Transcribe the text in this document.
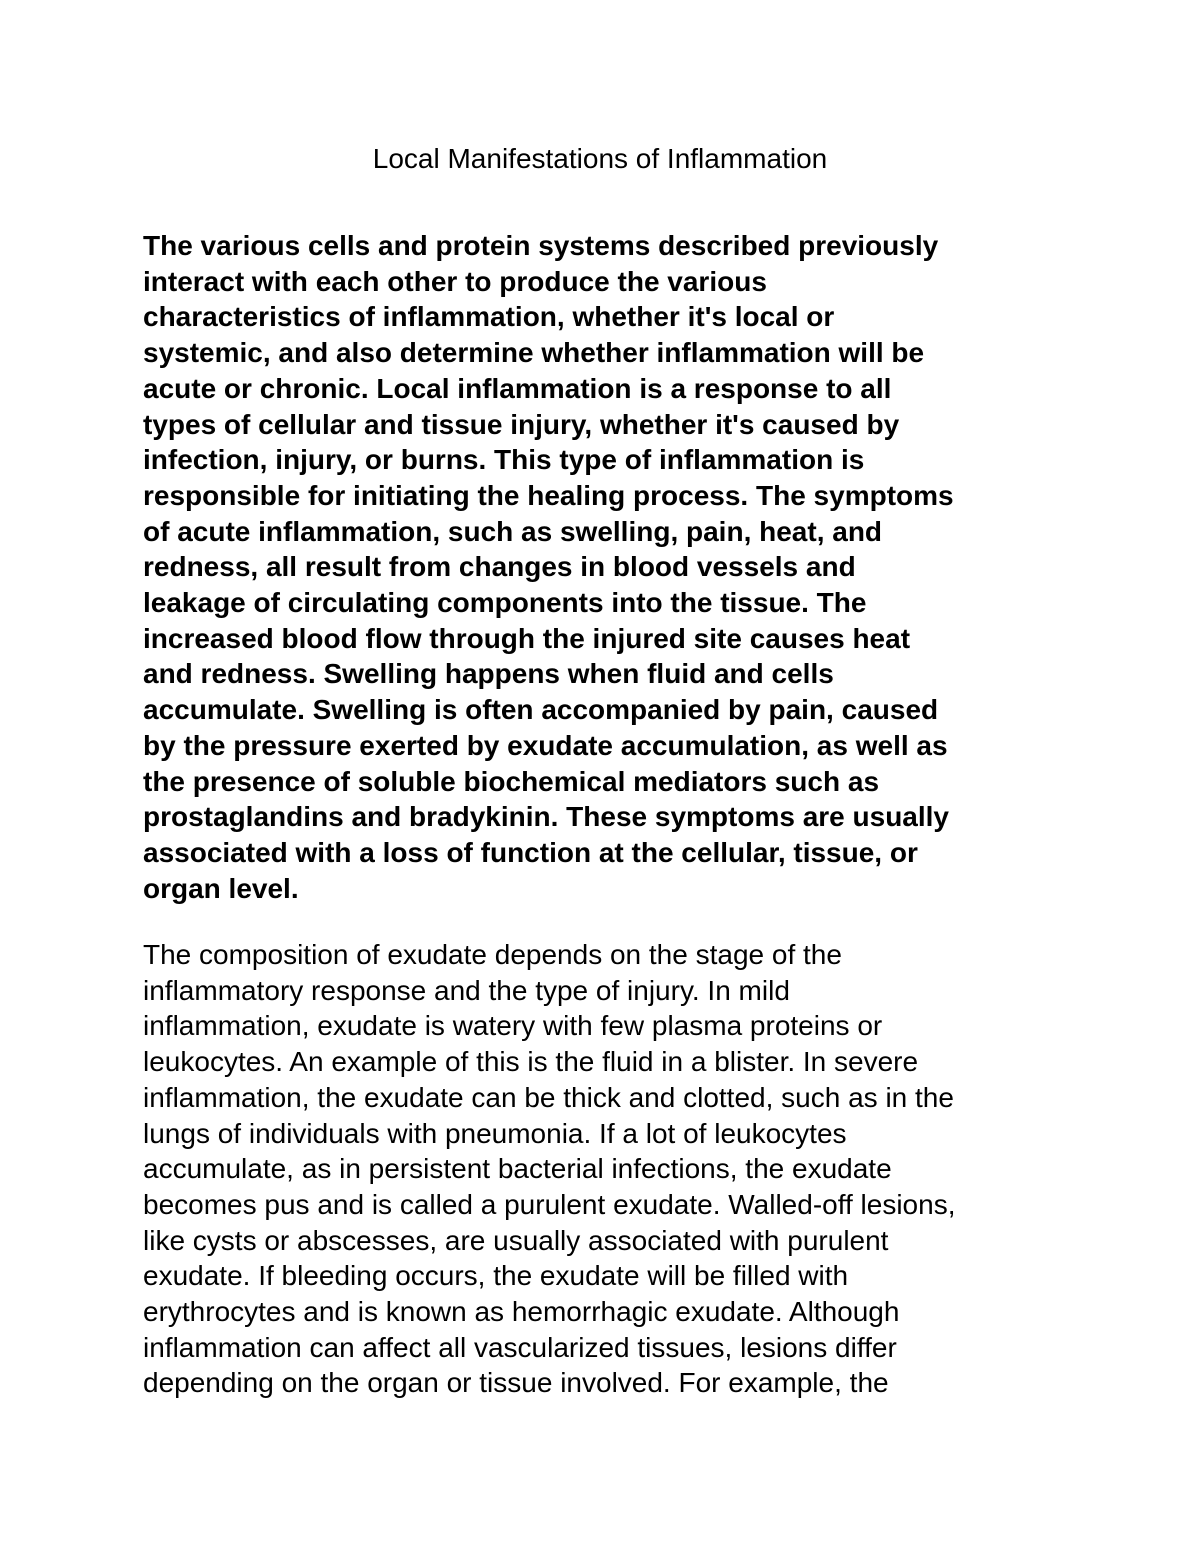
Local Manifestations of Inflammation
The various cells and protein systems described previously
interact with each other to produce the various
characteristics of inflammation, whether it's local or
systemic, and also determine whether inflammation will be
acute or chronic. Local inflammation is a response to all
types of cellular and tissue injury, whether it's caused by
infection, injury, or burns. This type of inflammation is
responsible for initiating the healing process. The symptoms
of acute inflammation, such as swelling, pain, heat, and
redness, all result from changes in blood vessels and
leakage of circulating components into the tissue. The
increased blood flow through the injured site causes heat
and redness. Swelling happens when fluid and cells
accumulate. Swelling is often accompanied by pain, caused
by the pressure exerted by exudate accumulation, as well as
the presence of soluble biochemical mediators such as
prostaglandins and bradykinin. These symptoms are usually
associated with a loss of function at the cellular, tissue, or
organ level.
The composition of exudate depends on the stage of the
inflammatory response and the type of injury. In mild
inflammation, exudate is watery with few plasma proteins or
leukocytes. An example of this is the fluid in a blister. In severe
inflammation, the exudate can be thick and clotted, such as in the
lungs of individuals with pneumonia. If a lot of leukocytes
accumulate, as in persistent bacterial infections, the exudate
becomes pus and is called a purulent exudate. Walled-off lesions,
like cysts or abscesses, are usually associated with purulent
exudate. If bleeding occurs, the exudate will be filled with
erythrocytes and is known as hemorrhagic exudate. Although
inflammation can affect all vascularized tissues, lesions differ
depending on the organ or tissue involved. For example, the
